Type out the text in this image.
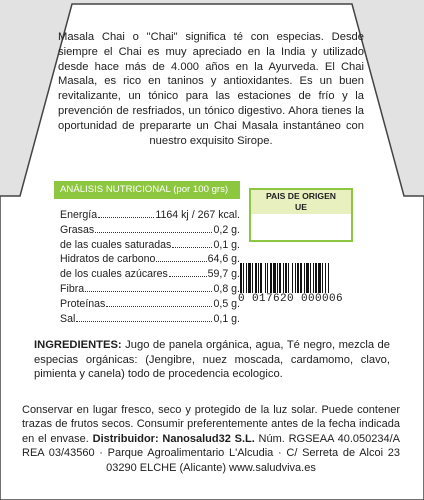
Masala Chai o "Chai" significa té con especias. Desde siempre el Chai es muy apreciado en la India y utilizado desde hace más de 4.000 años en la Ayurveda. El Chai Masala, es rico en taninos y antioxidantes. Es un buen revitalizante, un tónico para las estaciones de frío y la prevención de resfriados, un tónico digestivo. Ahora tienes la oportunidad de prepararte un Chai Masala instantáneo con nuestro exquisito Sirope.
ANÁLISIS NUTRICIONAL (por 100 grs)
Energía	1164 kj / 267 kcal.
Grasas	0,2 g.
de las cuales saturadas	0,1 g.
Hidratos de carbono	64,6 g.
de los cuales azúcares	59,7 g.
Fibra	0,8 g.
Proteínas	0,5 g.
Sal	0,1 g.
PAIS DE ORIGEN
UE
0 017620 000006
INGREDIENTES: Jugo de panela orgánica, agua, Té negro, mezcla de especias orgánicas: (Jengibre, nuez moscada, cardamomo, clavo, pimienta y canela) todo de procedencia ecologico.
Conservar en lugar fresco, seco y protegido de la luz solar. Puede contener trazas de frutos secos. Consumir preferentemente antes de la fecha indicada en el envase. Distribuidor: Nanosalud32 S.L. Núm. RGSEAA 40.050234/A REA 03/43560 · Parque Agroalimentario L'Alcudia · C/ Serreta de Alcoi 23 03290 ELCHE (Alicante) www.saludviva.es
